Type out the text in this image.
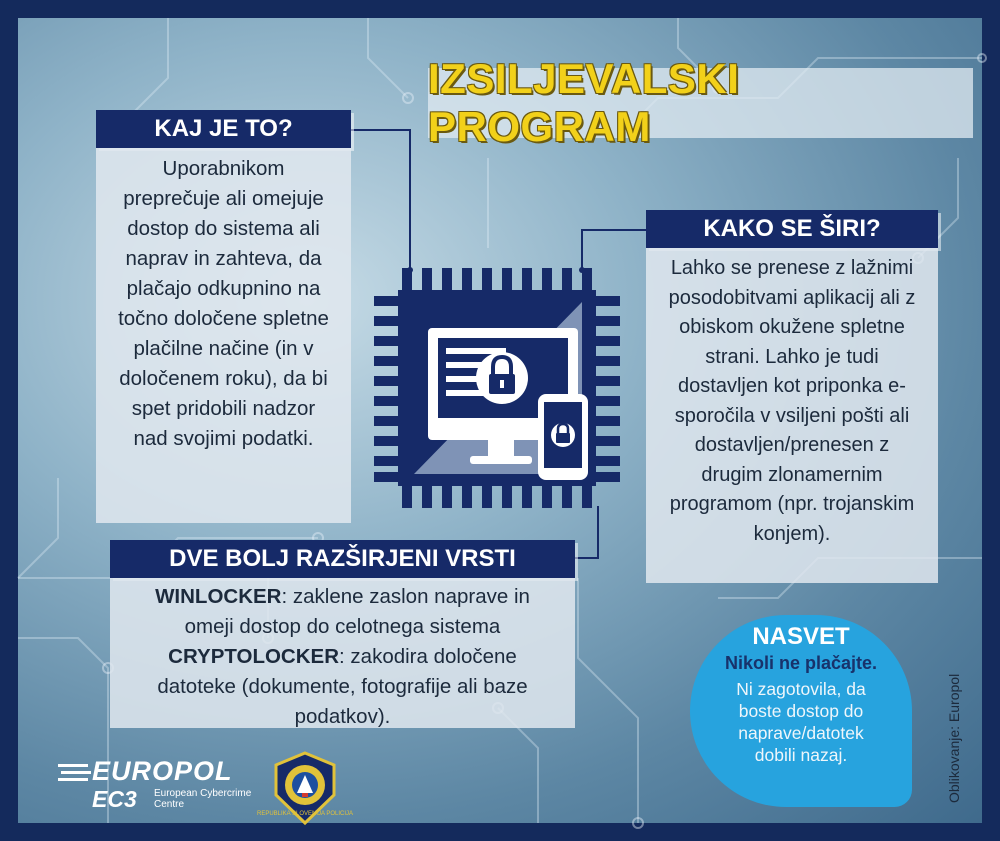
IZSILJEVALSKI PROGRAM
KAJ JE TO?

Uporabnikom preprečuje ali omejuje dostop do sistema ali naprav in zahteva, da plačajo odkupnino na točno določene spletne plačilne načine (in v določenem roku), da bi spet pridobili nadzor nad svojimi podatki.

KAKO SE ŠIRI?

Lahko se prenese z lažnimi posodobitvami aplikacij ali z obiskom okužene spletne strani. Lahko je tudi dostavljen kot priponka e-sporočila v vsiljeni pošti ali dostavljen/prenesen z drugim zlonamernim programom (npr. trojanskim konjem).

DVE BOLJ RAZŠIRJENI VRSTI

WINLOCKER: zaklene zaslon naprave in omeji dostop do celotnega sistema

CRYPTOLOCKER: zakodira določene datoteke (dokumente, fotografije ali baze podatkov).

NASVET
Nikoli ne plačajte.
Ni zagotovila, da boste dostop do naprave/datotek dobili nazaj.	Oblikovanje: Europol
EUROPOL
EC3 European Cybercrime Centre
REPUBLIKA SLOVENIJA POLICIJA
